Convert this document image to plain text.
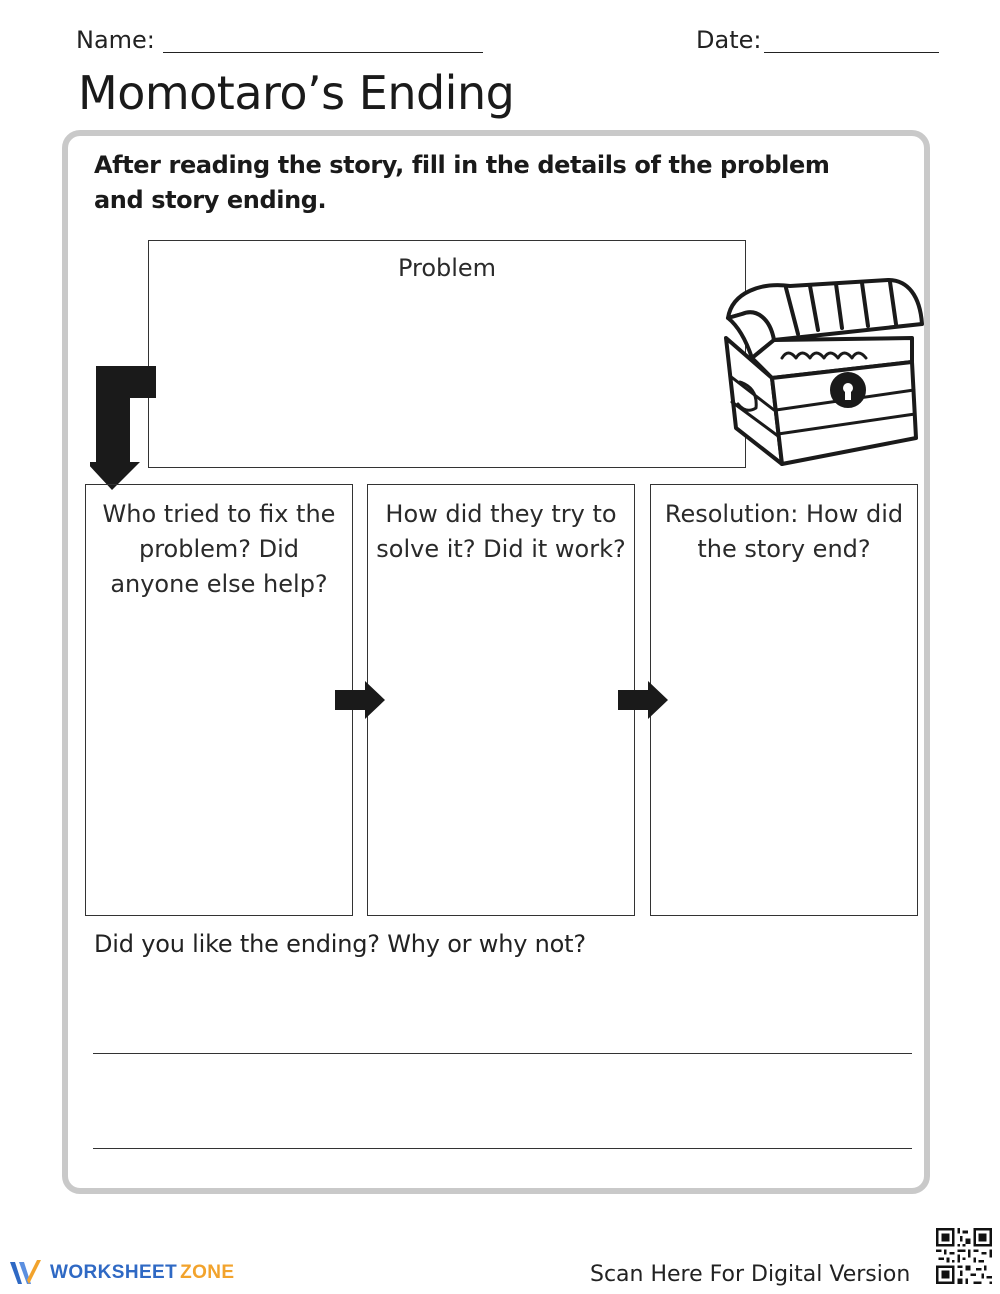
Name:	Date:
Momotaro’s Ending

After reading the story, fill in the details of the problem and story ending.

Problem
Who tried to fix the problem? Did anyone else help?
How did they try to solve it? Did it work?
Resolution: How did the story end?

Did you like the ending? Why or why not?

WORKSHEET ZONE	Scan Here For Digital Version
